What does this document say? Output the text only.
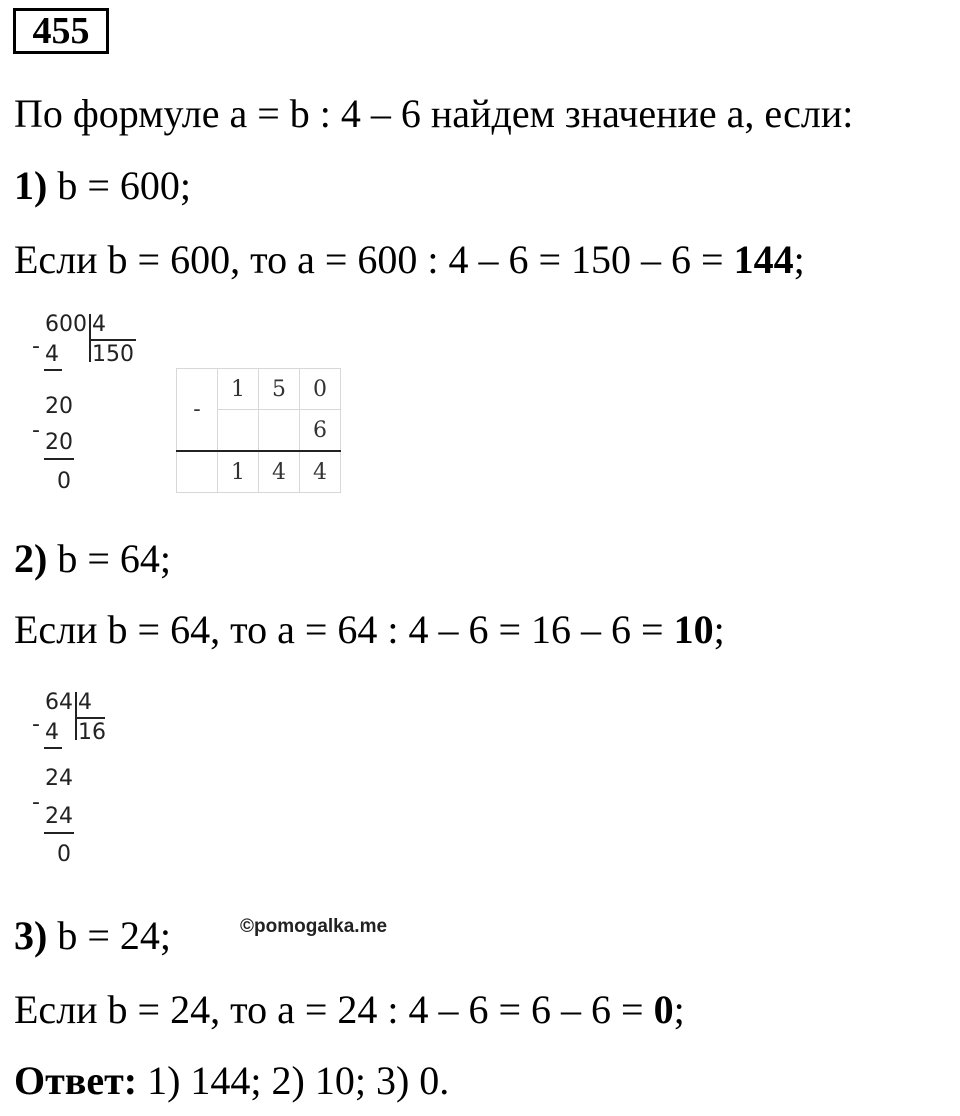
455
По формуле а = b : 4 – 6 найдем значение а, если:
1) b = 600;
Если b = 600, то а = 600 : 4 – 6 = 150 – 6 = 144;
600 4
150
- 4
20
- 20
0
-	1	5	0
			6
	1	4	4
2) b = 64;
Если b = 64, то а = 64 : 4 – 6 = 16 – 6 = 10;
64 4
16
- 4
24
-
24
0
3) b = 24;	©pomogalka.me
Если b = 24, то а = 24 : 4 – 6 = 6 – 6 = 0;
Ответ: 1) 144; 2) 10; 3) 0.
